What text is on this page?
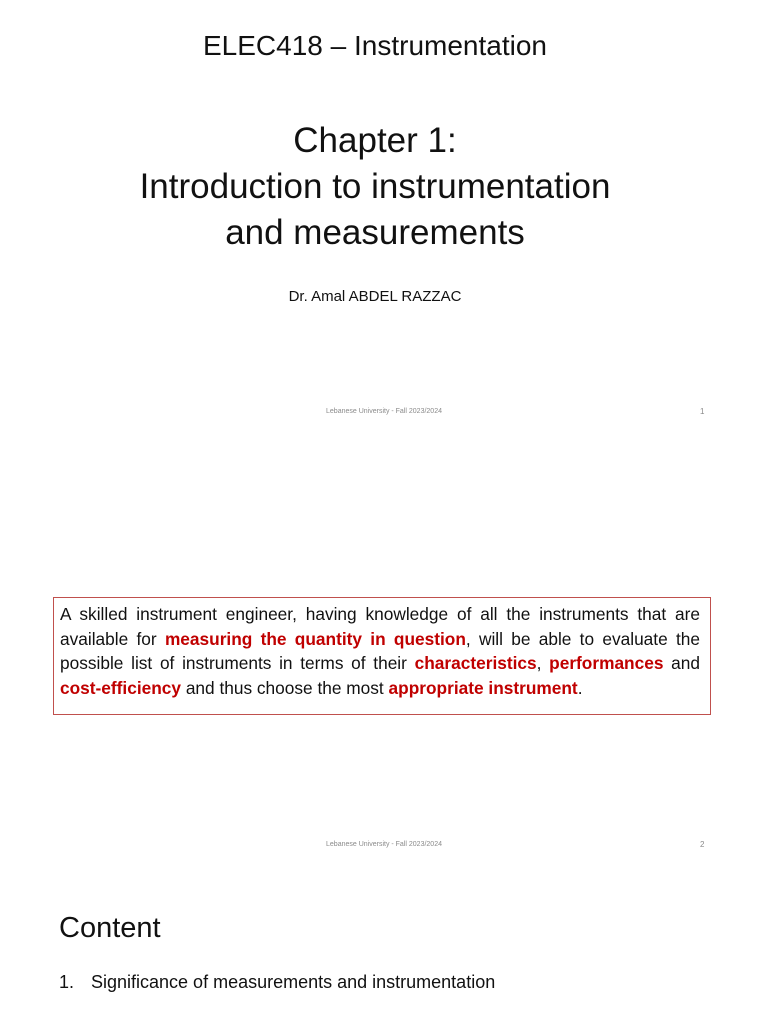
ELEC418 – Instrumentation
Chapter 1:
Introduction to instrumentation
and measurements
Dr. Amal ABDEL RAZZAC
Lebanese University - Fall 2023/2024	1
A skilled instrument engineer, having knowledge of all the instruments that are available for measuring the quantity in question, will be able to evaluate the possible list of instruments in terms of their characteristics, performances and cost-efficiency and thus choose the most appropriate instrument.
Lebanese University - Fall 2023/2024	2
Content
1. Significance of measurements and instrumentation
